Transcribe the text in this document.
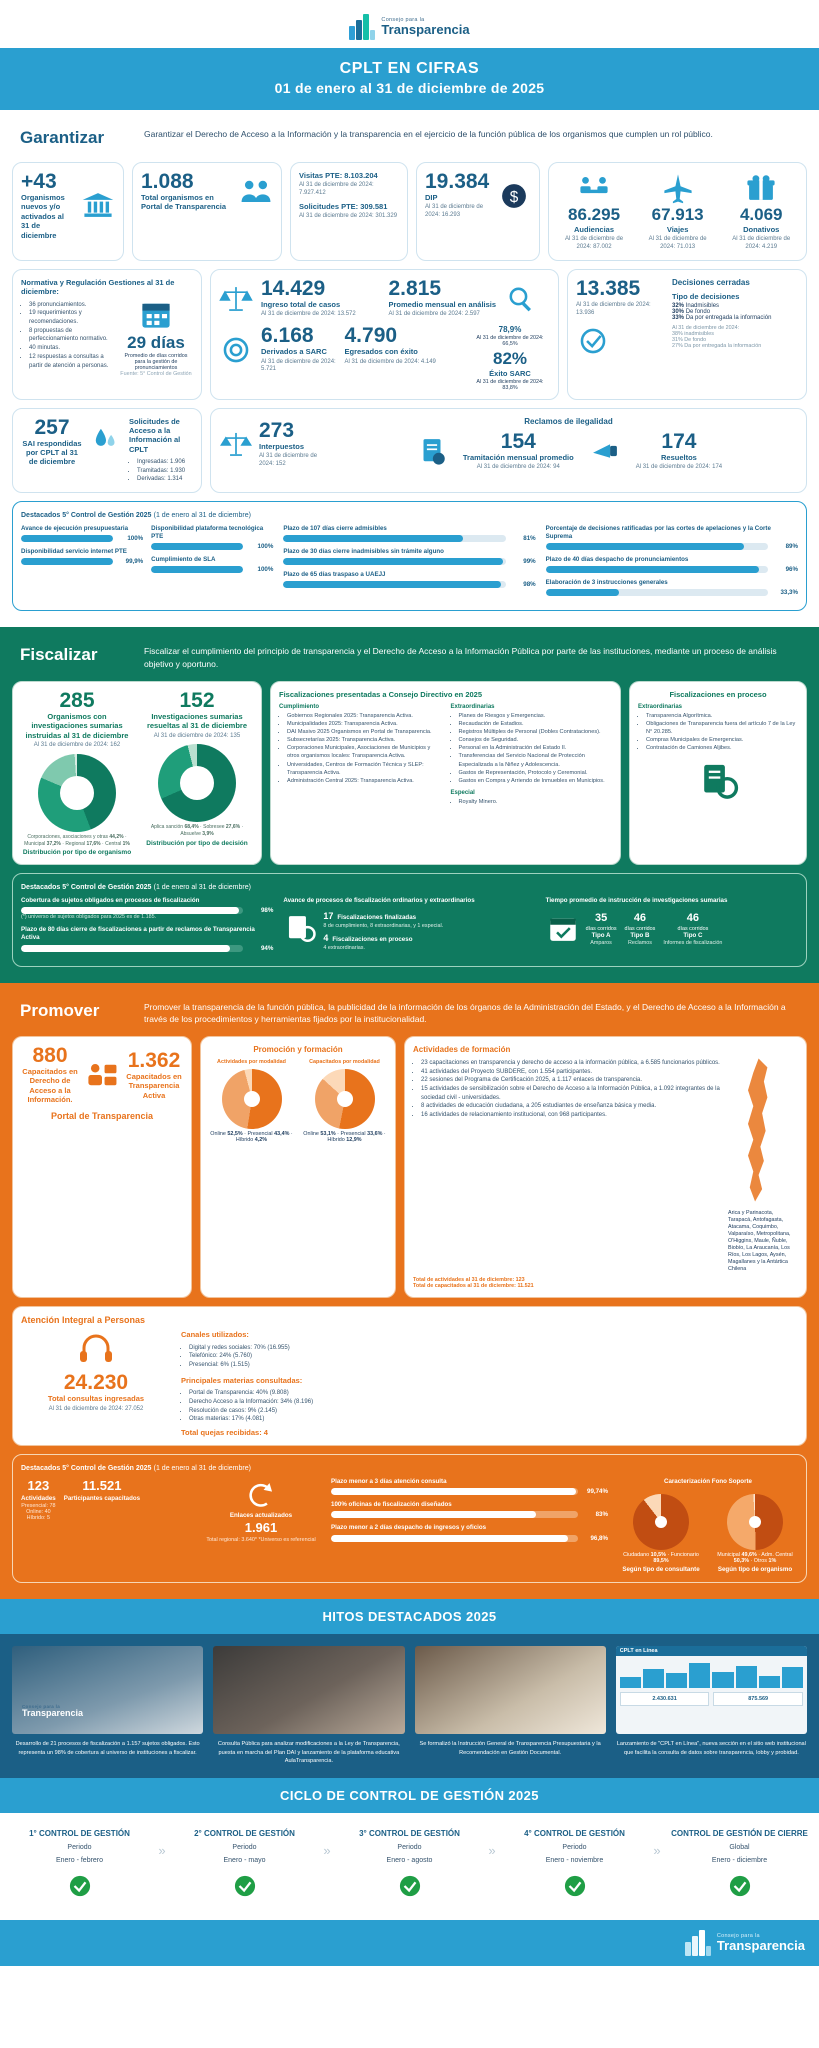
Consejo para la
Transparencia
CPLT EN CIFRAS
01 de enero al 31 de diciembre de 2025
Garantizar	Garantizar el Derecho de Acceso a la Información y la transparencia en el ejercicio de la función pública de los organismos que cumplen un rol público.
+43
Organismos nuevos y/o activados al 31 de diciembre
1.088
Total organismos en Portal de Transparencia
Visitas PTE: 8.103.204
Al 31 de diciembre de 2024: 7.927.412
Solicitudes PTE: 309.581
Al 31 de diciembre de 2024: 301.329
19.384
DIP
Al 31 de diciembre de 2024: 16.293
$
86.295
Audiencias
Al 31 de diciembre de 2024: 87.002
67.913
Viajes
Al 31 de diciembre de 2024: 71.013
4.069
Donativos
Al 31 de diciembre de 2024: 4.219
Normativa y Regulación Gestiones al 31 de diciembre:
• 36 pronunciamientos.
• 19 requerimientos y recomendaciones.
• 8 propuestas de perfeccionamiento normativo.
• 40 minutas.
• 12 respuestas a consultas a partir de atención a personas.
29 días
Promedio de días corridos para la gestión de pronunciamientos
Fuente: 5° Control de Gestión
14.429
Ingreso total de casos
Al 31 de diciembre de 2024: 13.572
2.815
Promedio mensual en análisis
Al 31 de diciembre de 2024: 2.597
6.168
Derivados a SARC
Al 31 de diciembre de 2024: 5.721
4.790
Egresados con éxito
Al 31 de diciembre de 2024: 4.149
78,9%
Al 31 de diciembre de 2024: 66,5%
82%
Éxito SARC
Al 31 de diciembre de 2024: 83,8%
13.385
Al 31 de diciembre de 2024: 13.936
Decisiones cerradas
Tipo de decisiones
32% Inadmisibles
30% De fondo
33% Da por entregada la información
Al 31 de diciembre de 2024:
38% inadmisibles
31% De fondo
27% Da por entregada la información
257
SAI respondidas por CPLT al 31 de diciembre
Solicitudes de Acceso a la Información al CPLT
• Ingresadas: 1.906
• Tramitadas: 1.930
• Derivadas: 1.314
273
Interpuestos
Al 31 de diciembre de 2024: 152
Reclamos de ilegalidad
154
Tramitación mensual promedio
Al 31 de diciembre de 2024: 94
174
Resueltos
Al 31 de diciembre de 2024: 174
Destacados 5° Control de Gestión 2025 (1 de enero al 31 de diciembre)
Avance de ejecución presupuestaria
100%
Disponibilidad servicio internet PTE
99,9%
Disponibilidad plataforma tecnológica PTE
100%
Cumplimiento de SLA
100%
Plazo de 107 días cierre admisibles
81%
Plazo de 30 días cierre inadmisibles sin trámite alguno
99%
Plazo de 65 días traspaso a UAEJJ
98%
Porcentaje de decisiones ratificadas por las cortes de apelaciones y la Corte Suprema
89%
Plazo de 40 días despacho de pronunciamientos
96%
Elaboración de 3 instrucciones generales
33,3%
Fiscalizar	Fiscalizar el cumplimiento del principio de transparencia y el Derecho de Acceso a la Información Pública por parte de las instituciones, mediante un proceso de análisis objetivo y oportuno.
285
Organismos con investigaciones sumarias instruidas al 31 de diciembre
Al 31 de diciembre de 2024: 162
Corporaciones, asociaciones y otras 44,2% · Municipal 37,2% · Regional 17,6% · Central 1%
Distribución por tipo de organismo
152
Investigaciones sumarias resueltas al 31 de diciembre
Al 31 de diciembre de 2024: 135
Aplica sanción 68,4% · Sobresee 27,6% · Absuelve 3,9%
Distribución por tipo de decisión
Fiscalizaciones presentadas a Consejo Directivo en 2025
Cumplimiento
• Gobiernos Regionales 2025: Transparencia Activa.
• Municipalidades 2025: Transparencia Activa.
• DAI Masivo 2025 Organismos en Portal de Transparencia.
• Subsecretarías 2025: Transparencia Activa.
• Corporaciones Municipales, Asociaciones de Municipios y otros organismos locales: Transparencia Activa.
• Universidades, Centros de Formación Técnica y SLEP: Transparencia Activa.
• Administración Central 2025: Transparencia Activa.
Extraordinarias
• Planes de Riesgos y Emergencias.
• Recaudación de Estadios.
• Registros Múltiples de Personal (Dobles Contrataciones).
• Consejos de Seguridad.
• Personal en la Administración del Estado II.
• Transferencias del Servicio Nacional de Protección Especializada a la Niñez y Adolescencia.
• Gastos de Representación, Protocolo y Ceremonial.
• Gastos en Compra y Arriendo de Inmuebles en Municipios.
Especial
• Royalty Minero.
Fiscalizaciones en proceso
Extraordinarias
• Transparencia Algorítmica.
• Obligaciones de Transparencia fuera del artículo 7 de la Ley N° 20.285.
• Compras Municipales de Emergencias.
• Contratación de Camiones Aljibes.
Destacados 5° Control de Gestión 2025 (1 de enero al 31 de diciembre)
Cobertura de sujetos obligados en procesos de fiscalización
98%
(*) universo de sujetos obligados para 2025 es de 1.185.
Plazo de 80 días cierre de fiscalizaciones a partir de reclamos de Transparencia Activa
94%
Avance de procesos de fiscalización ordinarios y extraordinarios
17 Fiscalizaciones finalizadas
8 de cumplimiento, 8 extraordinarias, y 1 especial.
4 Fiscalizaciones en proceso
4 extraordinarias.
Tiempo promedio de instrucción de investigaciones sumarias
35
días corridos
Tipo A
Amparos
46
días corridos
Tipo B
Reclamos
46
días corridos
Tipo C
Informes de fiscalización
Promover	Promover la transparencia de la función pública, la publicidad de la información de los órganos de la Administración del Estado, y el Derecho de Acceso a la Información a través de los procedimientos y herramientas fijados por la institucionalidad.
880
Capacitados en Derecho de Acceso a la Información.
1.362
Capacitados en Transparencia Activa
Portal de Transparencia
Promoción y formación
Actividades por modalidad
Online 52,5% · Presencial 43,4% · Híbrido 4,2%
Capacitados por modalidad
Online 53,1% · Presencial 33,6% · Híbrido 12,9%
Actividades de formación
• 23 capacitaciones en transparencia y derecho de acceso a la información pública, a 6.585 funcionarios públicos.
• 41 actividades del Proyecto SUBDERE, con 1.554 participantes.
• 22 sesiones del Programa de Certificación 2025, a 1.117 enlaces de transparencia.
• 15 actividades de sensibilización sobre el Derecho de Acceso a la Información Pública, a 1.092 integrantes de la sociedad civil - universidades.
• 8 actividades de educación ciudadana, a 205 estudiantes de enseñanza básica y media.
• 16 actividades de relacionamiento institucional, con 968 participantes.
Arica y Parinacota, Tarapacá, Antofagasta, Atacama, Coquimbo, Valparaíso, Metropolitana, O'Higgins, Maule, Ñuble, Biobío, La Araucanía, Los Ríos, Los Lagos, Aysén, Magallanes y la Antártica Chilena
Total de actividades al 31 de diciembre: 123
Total de capacitados al 31 de diciembre: 11.521
Atención Integral a Personas
24.230
Total consultas ingresadas
Al 31 de diciembre de 2024: 27.052
Canales utilizados:
• Digital y redes sociales: 70% (16.955)
• Telefónico: 24% (5.760)
• Presencial: 6% (1.515)
Principales materias consultadas:
• Portal de Transparencia: 40% (9.808)
• Derecho Acceso a la Información: 34% (8.196)
• Resolución de casos: 9% (2.145)
• Otras materias: 17% (4.081)
Total quejas recibidas: 4
Destacados 5° Control de Gestión 2025 (1 de enero al 31 de diciembre)
123
Actividades
Presencial: 78
Online: 40
Híbrido: 5
11.521
Participantes capacitados
Enlaces actualizados
1.961
Total regional: 3.640* *Universo es referencial
Plazo menor a 3 días atención consulta
99,74%
100% oficinas de fiscalización diseñados
83%
Plazo menor a 2 días despacho de ingresos y oficios
96,8%
Caracterización Fono Soporte
Ciudadano 10,5% · Funcionario 89,5%
Según tipo de consultante
Municipal 49,6% · Adm. Central 50,3% · Otros 1%
Según tipo de organismo
HITOS DESTACADOS 2025
Consejo para la
Transparencia
Desarrollo de 21 procesos de fiscalización a 1.157 sujetos obligados. Esto representa un 98% de cobertura al universo de instituciones a fiscalizar.
Consulta Pública para analizar modificaciones a la Ley de Transparencia, puesta en marcha del Plan DAI y lanzamiento de la plataforma educativa AulaTransparencia.
Se formalizó la Instrucción General de Transparencia Presupuestaria y la Recomendación en Gestión Documental.
CPLT en Línea
2.430.631	875.569
Lanzamiento de "CPLT en Línea", nueva sección en el sitio web institucional que facilita la consulta de datos sobre transparencia, lobby y probidad.
CICLO DE CONTROL DE GESTIÓN 2025
1° CONTROL DE GESTIÓN
Periodo
Enero - febrero
»
2° CONTROL DE GESTIÓN
Periodo
Enero - mayo
»
3° CONTROL DE GESTIÓN
Periodo
Enero - agosto
»
4° CONTROL DE GESTIÓN
Periodo
Enero - noviembre
»
CONTROL DE GESTIÓN DE CIERRE
Global
Enero - diciembre
Consejo para la
Transparencia
